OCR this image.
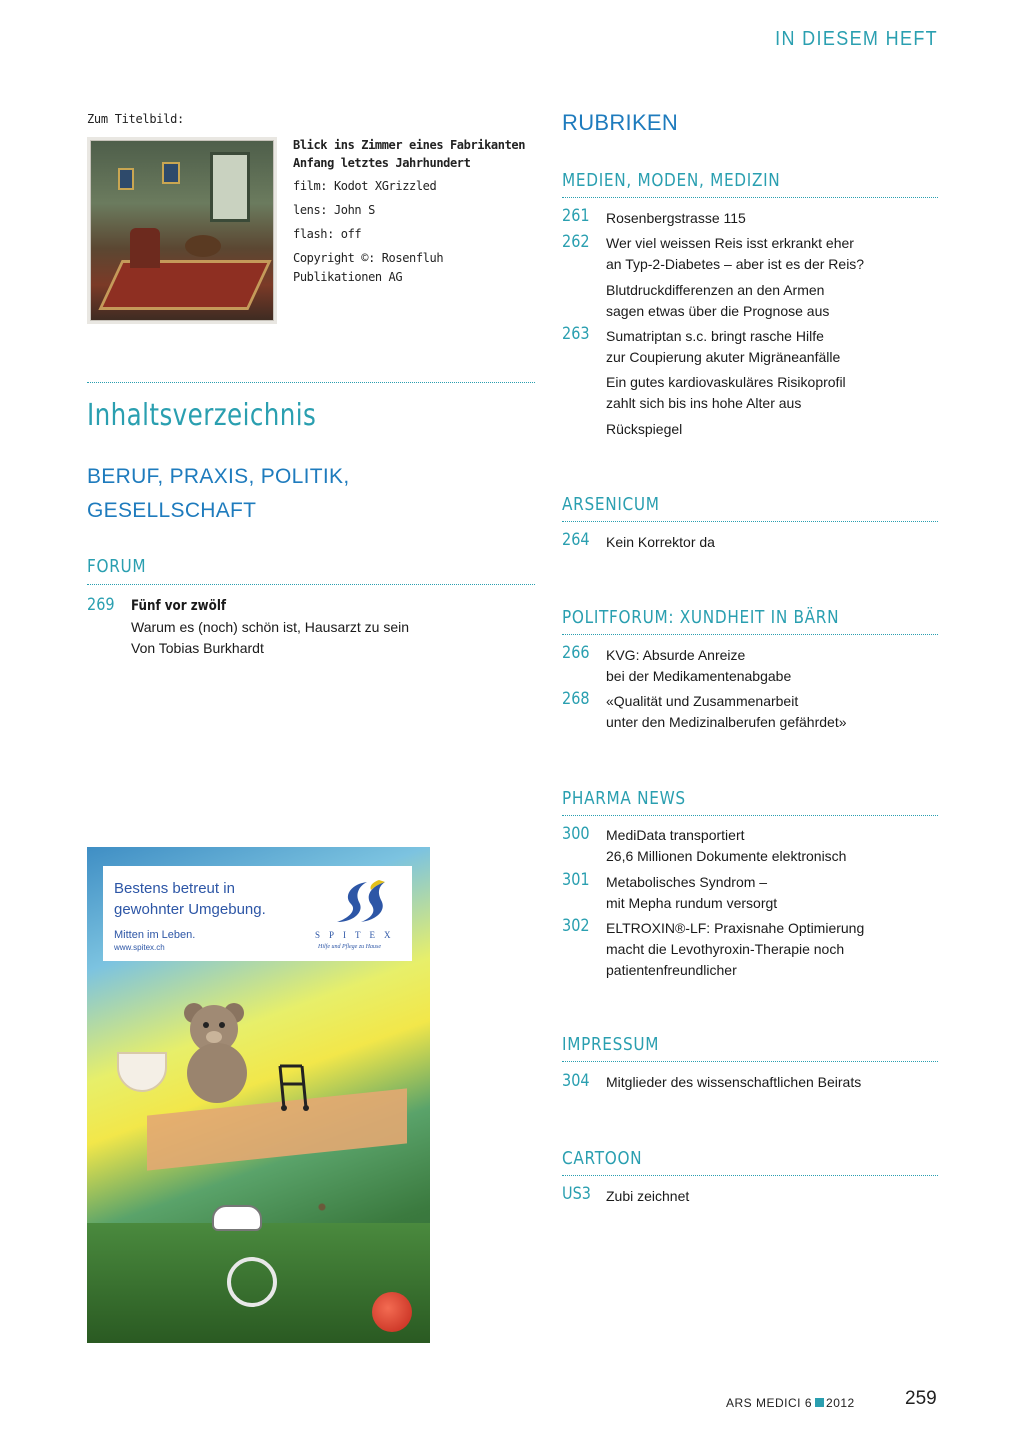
IN DIESEM HEFT
Zum Titelbild:
Blick ins Zimmer eines Fabrikanten
Anfang letztes Jahrhundert
film: Kodot XGrizzled
lens: John S
flash: off
Copyright ©: Rosenfluh Publikationen AG
Inhaltsverzeichnis
BERUF, PRAXIS, POLITIK,
GESELLSCHAFT
FORUM
269 Fünf vor zwölf
Warum es (noch) schön ist, Hausarzt zu sein
Von Tobias Burkhardt
RUBRIKEN
MEDIEN, MODEN, MEDIZIN
261 Rosenbergstrasse 115
262 Wer viel weissen Reis isst erkrankt eher
an Typ-2-Diabetes – aber ist es der Reis?
Blutdruckdifferenzen an den Armen
sagen etwas über die Prognose aus
263 Sumatriptan s.c. bringt rasche Hilfe
zur Coupierung akuter Migräneanfälle
Ein gutes kardiovaskuläres Risikoprofil
zahlt sich bis ins hohe Alter aus
Rückspiegel
ARSENICUM
264 Kein Korrektor da
POLITFORUM: XUNDHEIT IN BÄRN
266 KVG: Absurde Anreize
bei der Medikamentenabgabe
268 «Qualität und Zusammenarbeit
unter den Medizinalberufen gefährdet»
PHARMA NEWS
300 MediData transportiert
26,6 Millionen Dokumente elektronisch
301 Metabolisches Syndrom –
mit Mepha rundum versorgt
302 ELTROXIN®-LF: Praxisnahe Optimierung
macht die Levothyroxin-Therapie noch
patientenfreundlicher
IMPRESSUM
304 Mitglieder des wissenschaftlichen Beirats
CARTOON
US3 Zubi zeichnet
Bestens betreut in
gewohnter Umgebung.
Mitten im Leben.
www.spitex.ch
SPITEX
Hilfe und Pflege zu Hause
ARS MEDICI 6 2012	259
